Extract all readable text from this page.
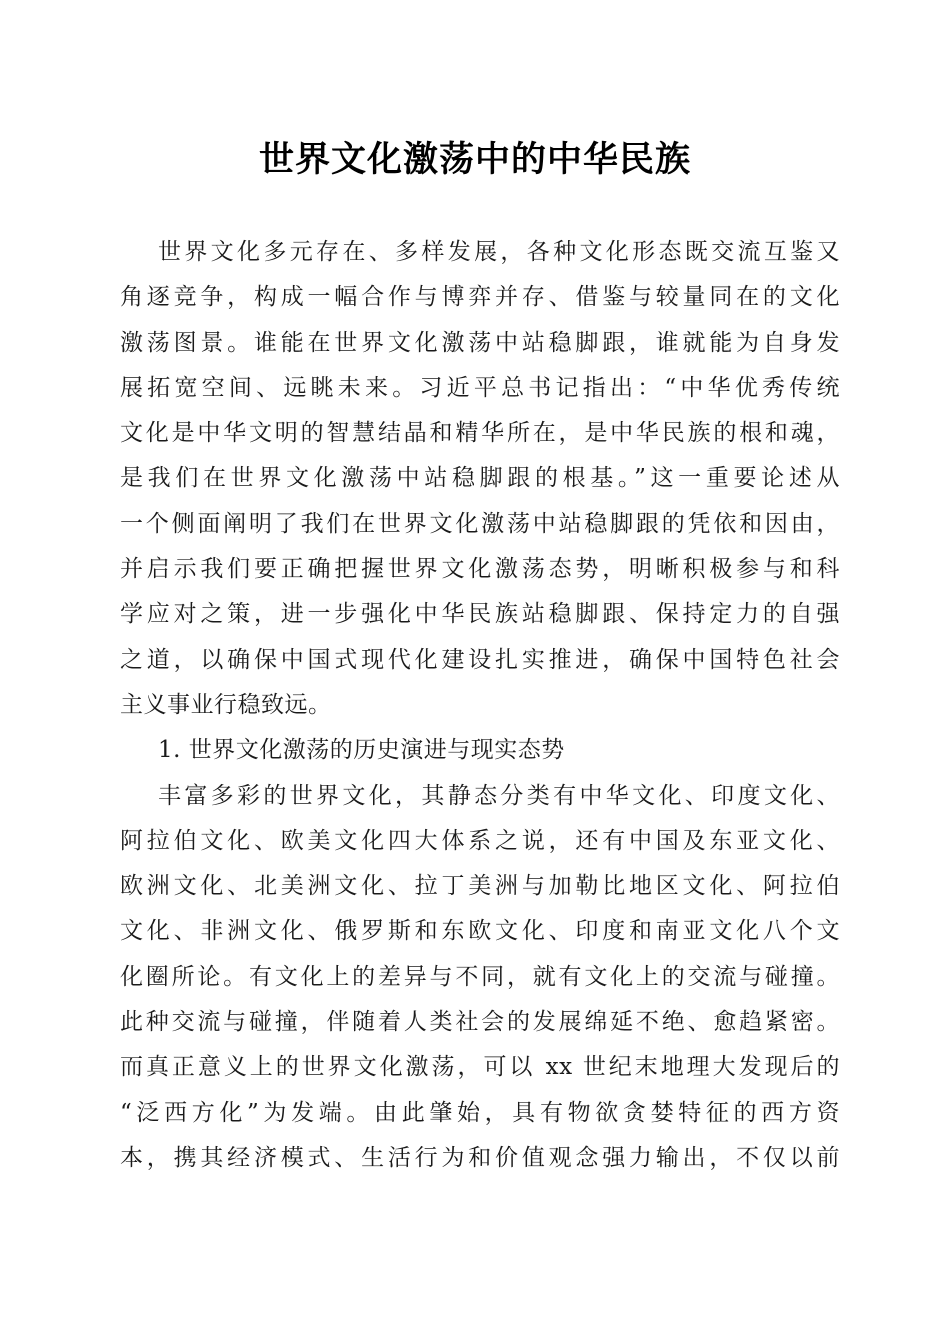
世界文化激荡中的中华民族
世界文化多元存在、多样发展，各种文化形态既交流互鉴又
角逐竞争，构成一幅合作与博弈并存、借鉴与较量同在的文化
激荡图景。谁能在世界文化激荡中站稳脚跟，谁就能为自身发
展拓宽空间、远眺未来。习近平总书记指出：“中华优秀传统
文化是中华文明的智慧结晶和精华所在，是中华民族的根和魂，
是我们在世界文化激荡中站稳脚跟的根基。”这一重要论述从
一个侧面阐明了我们在世界文化激荡中站稳脚跟的凭依和因由，
并启示我们要正确把握世界文化激荡态势，明晰积极参与和科
学应对之策，进一步强化中华民族站稳脚跟、保持定力的自强
之道，以确保中国式现代化建设扎实推进，确保中国特色社会
主义事业行稳致远。
1. 世界文化激荡的历史演进与现实态势
丰富多彩的世界文化，其静态分类有中华文化、印度文化、
阿拉伯文化、欧美文化四大体系之说，还有中国及东亚文化、
欧洲文化、北美洲文化、拉丁美洲与加勒比地区文化、阿拉伯
文化、非洲文化、俄罗斯和东欧文化、印度和南亚文化八个文
化圈所论。有文化上的差异与不同，就有文化上的交流与碰撞。
此种交流与碰撞，伴随着人类社会的发展绵延不绝、愈趋紧密。
而真正意义上的世界文化激荡，可以 xx 世纪末地理大发现后的
“泛西方化”为发端。由此肇始，具有物欲贪婪特征的西方资
本，携其经济模式、生活行为和价值观念强力输出，不仅以前
